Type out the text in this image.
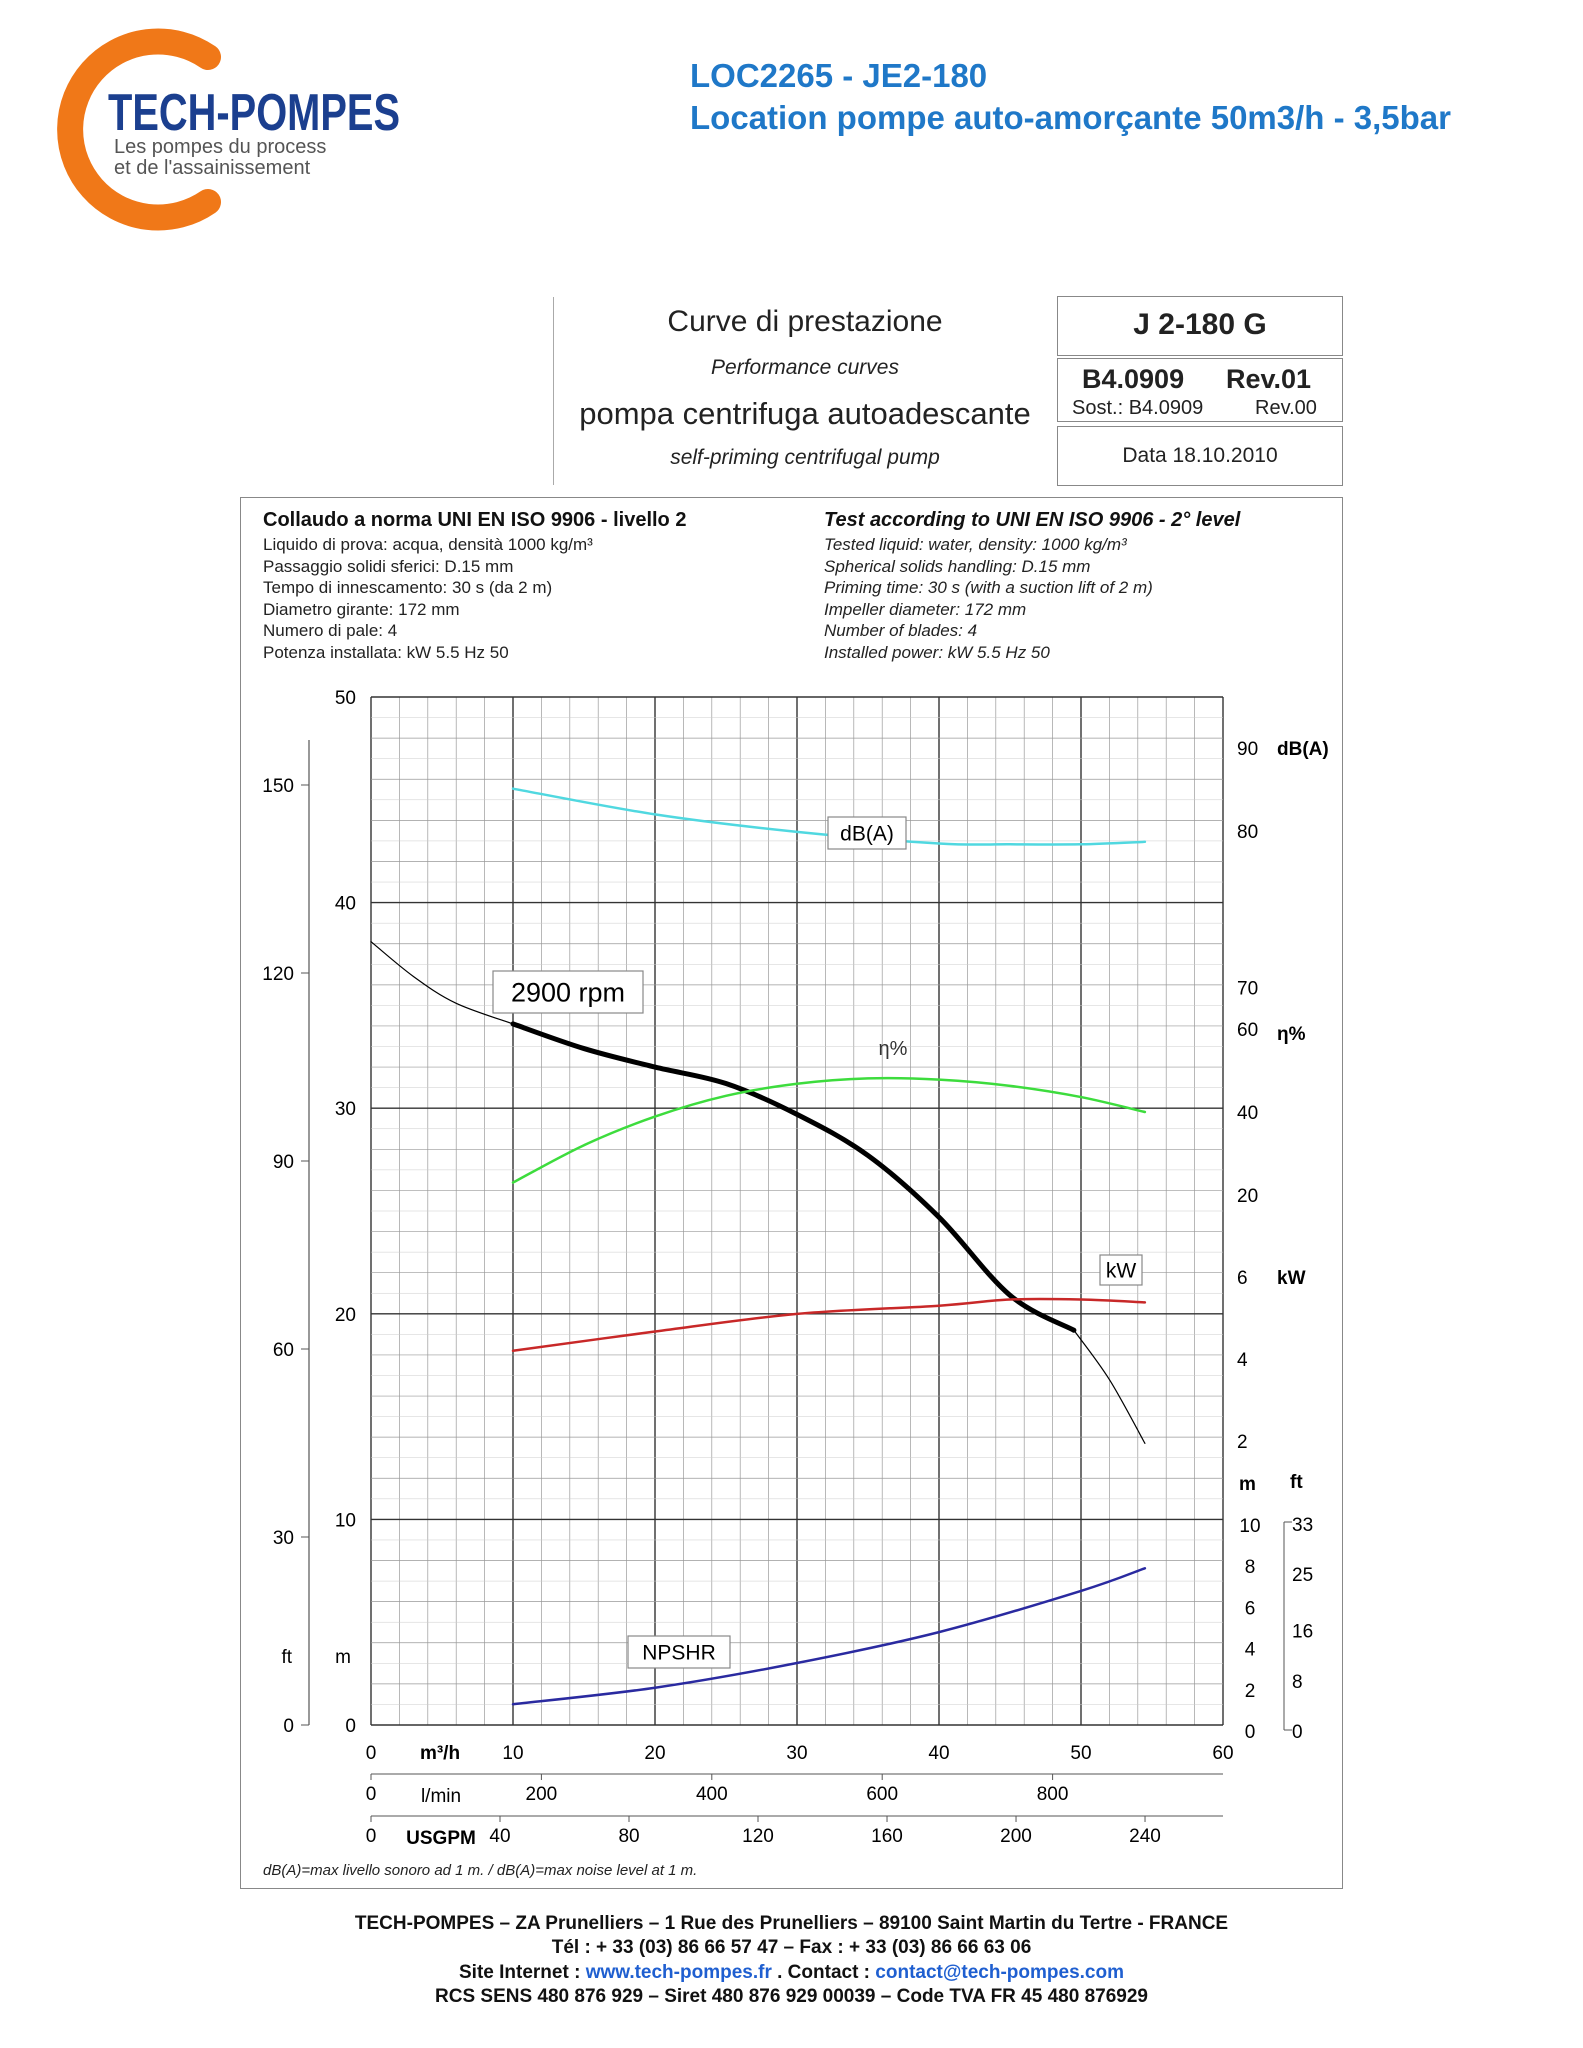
TECH-POMPES
Les pompes du process
et de l'assainissement
LOC2265 - JE2-180
Location pompe auto-amorçante 50m3/h - 3,5bar
Curve di prestazione
Performance curves
pompa centrifuga autoadescante
self-priming centrifugal pump
J 2-180 G
B4.0909 Rev.01
Sost.: B4.0909	Rev.00
Data 18.10.2010
Collaudo a norma UNI EN ISO 9906 - livello 2
Liquido di prova: acqua, densità 1000 kg/m³
Passaggio solidi sferici: D.15 mm
Tempo di innescamento: 30 s (da 2 m)
Diametro girante: 172 mm
Numero di pale: 4
Potenza installata: kW 5.5 Hz 50
Test according to UNI EN ISO 9906 - 2° level
Tested liquid: water, density: 1000 kg/m³
Spherical solids handling: D.15 mm
Priming time: 30 s (with a suction lift of 2 m)
Impeller diameter: 172 mm
Number of blades: 4
Installed power: kW 5.5 Hz 50
0
10
20
30
40
50
0
30
60
90
120
150
ft m
80
90 dB(A)
20
40
60
70
η%
2
4
6 kW
m ft
0
2
4
6
8
10
0
8
16
25
33
0	10	20	30	40	50	60
m³/h
0	200	400	600	800
l/min
0	40	80	120	160	200	240
USGPM
2900 rpm
dB(A)
kW
NPSHR
η%
dB(A)=max livello sonoro ad 1 m. / dB(A)=max noise level at 1 m.
TECH-POMPES – ZA Prunelliers – 1 Rue des Prunelliers – 89100 Saint Martin du Tertre - FRANCE
Tél : + 33 (03) 86 66 57 47 – Fax : + 33 (03) 86 66 63 06
Site Internet : www.tech-pompes.fr . Contact : contact@tech-pompes.com
RCS SENS 480 876 929 – Siret 480 876 929 00039 – Code TVA FR 45 480 876929
